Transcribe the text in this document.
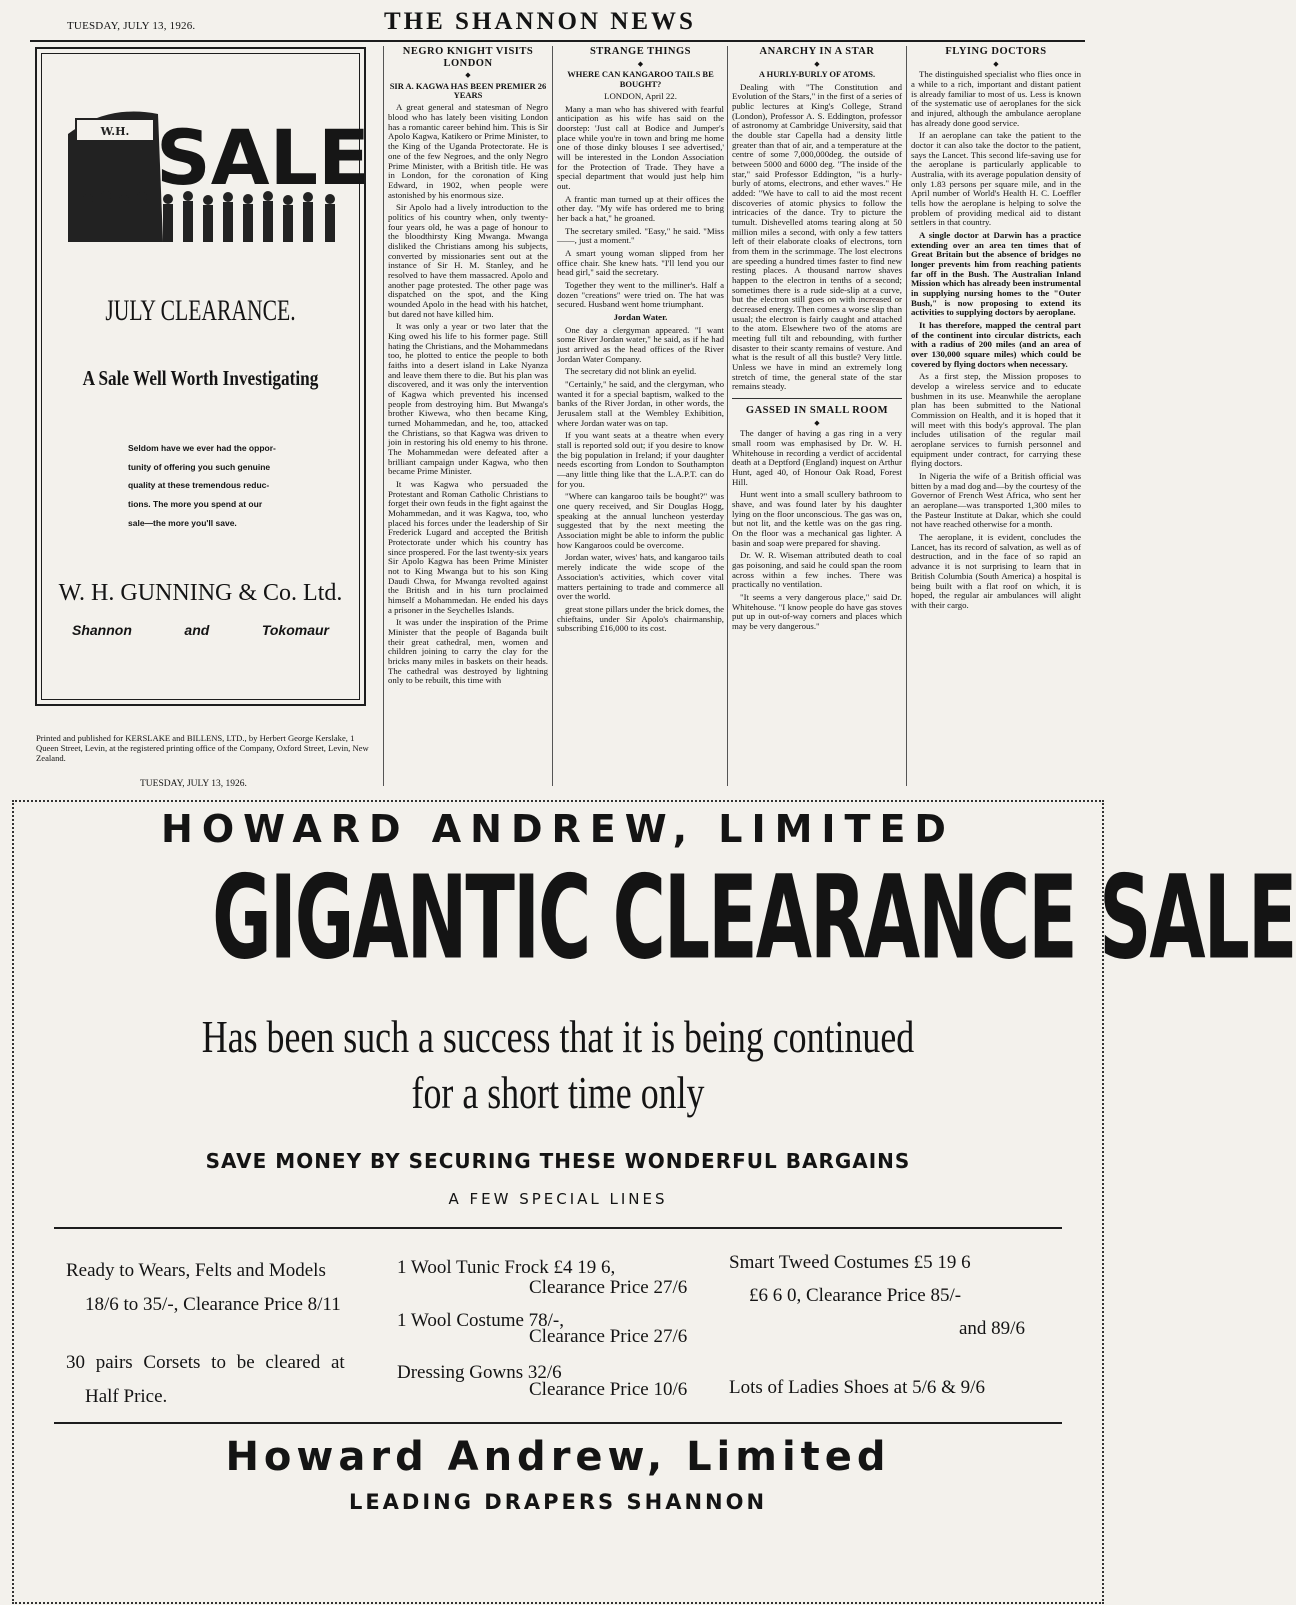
TUESDAY, JULY 13, 1926.	THE SHANNON NEWS
W.H. SALE
JULY CLEARANCE.
A Sale Well Worth Investigating
Seldom have we ever had the oppor-
tunity of offering you such genuine
quality at these tremendous reduc-
tions. The more you spend at our
sale—the more you'll save.
W. H. GUNNING & Co. Ltd.
Shannon	and	Tokomaur
Printed and published for KERSLAKE and BILLENS, LTD., by Herbert George Kerslake, 1 Queen Street, Levin, at the registered printing office of the Company, Oxford Street, Levin, New Zealand.
TUESDAY, JULY 13, 1926.

NEGRO KNIGHT VISITS LONDON

◆

SIR A. KAGWA HAS BEEN PREMIER 26 YEARS

A great general and statesman of Negro blood who has lately been visiting London has a romantic career behind him. This is Sir Apolo Kagwa, Katikero or Prime Minister, to the King of the Uganda Protectorate. He is one of the few Negroes, and the only Negro Prime Minister, with a British title. He was in London, for the coronation of King Edward, in 1902, when people were astonished by his enormous size.

Sir Apolo had a lively introduction to the politics of his country when, only twenty-four years old, he was a page of honour to the bloodthirsty King Mwanga. Mwanga disliked the Christians among his subjects, converted by missionaries sent out at the instance of Sir H. M. Stanley, and he resolved to have them massacred. Apolo and another page protested. The other page was dispatched on the spot, and the King wounded Apolo in the head with his hatchet, but dared not have killed him.

It was only a year or two later that the King owed his life to his former page. Still hating the Christians, and the Mohammedans too, he plotted to entice the people to both faiths into a desert island in Lake Nyanza and leave them there to die. But his plan was discovered, and it was only the intervention of Kagwa which prevented his incensed people from destroying him. But Mwanga's brother Kiwewa, who then became King, turned Mohammedan, and he, too, attacked the Christians, so that Kagwa was driven to join in restoring his old enemy to his throne. The Mohammedan were defeated after a brilliant campaign under Kagwa, who then became Prime Minister.

It was Kagwa who persuaded the Protestant and Roman Catholic Christians to forget their own feuds in the fight against the Mohammedan, and it was Kagwa, too, who placed his forces under the leadership of Sir Frederick Lugard and accepted the British Protectorate under which his country has since prospered. For the last twenty-six years Sir Apolo Kagwa has been Prime Minister not to King Mwanga but to his son King Daudi Chwa, for Mwanga revolted against the British and in his turn proclaimed himself a Mohammedan. He ended his days a prisoner in the Seychelles Islands.

It was under the inspiration of the Prime Minister that the people of Baganda built their great cathedral, men, women and children joining to carry the clay for the bricks many miles in baskets on their heads. The cathedral was destroyed by lightning only to be rebuilt, this time with

STRANGE THINGS

◆

WHERE CAN KANGAROO TAILS BE BOUGHT?

LONDON, April 22.

Many a man who has shivered with fearful anticipation as his wife has said on the doorstep: 'Just call at Bodice and Jumper's place while you're in town and bring me home one of those dinky blouses I see advertised,' will be interested in the London Association for the Protection of Trade. They have a special department that would just help him out.

A frantic man turned up at their offices the other day. "My wife has ordered me to bring her back a hat," he groaned.

The secretary smiled. "Easy," he said. "Miss ——, just a moment."

A smart young woman slipped from her office chair. She knew hats. "I'll lend you our head girl," said the secretary.

Together they went to the milliner's. Half a dozen "creations" were tried on. The hat was secured. Husband went home triumphant.

Jordan Water.

One day a clergyman appeared. "I want some River Jordan water," he said, as if he had just arrived as the head offices of the River Jordan Water Company.

The secretary did not blink an eyelid.

"Certainly," he said, and the clergyman, who wanted it for a special baptism, walked to the banks of the River Jordan, in other words, the Jerusalem stall at the Wembley Exhibition, where Jordan water was on tap.

If you want seats at a theatre when every stall is reported sold out; if you desire to know the big population in Ireland; if your daughter needs escorting from London to Southampton—any little thing like that the L.A.P.T. can do for you.

"Where can kangaroo tails be bought?" was one query received, and Sir Douglas Hogg, speaking at the annual luncheon yesterday suggested that by the next meeting the Association might be able to inform the public how Kangaroos could be overcome.

Jordan water, wives' hats, and kangaroo tails merely indicate the wide scope of the Association's activities, which cover vital matters pertaining to trade and commerce all over the world.

great stone pillars under the brick domes, the chieftains, under Sir Apolo's chairmanship, subscribing £16,000 to its cost.

ANARCHY IN A STAR

◆

A HURLY-BURLY OF ATOMS.

Dealing with "The Constitution and Evolution of the Stars," in the first of a series of public lectures at King's College, Strand (London), Professor A. S. Eddington, professor of astronomy at Cambridge University, said that the double star Capella had a density little greater than that of air, and a temperature at the centre of some 7,000,000deg. the outside of between 5000 and 6000 deg. "The inside of the star," said Professor Eddington, "is a hurly-burly of atoms, electrons, and ether waves." He added: "We have to call to aid the most recent discoveries of atomic physics to follow the intricacies of the dance. Try to picture the tumult. Dishevelled atoms tearing along at 50 million miles a second, with only a few tatters left of their elaborate cloaks of electrons, torn from them in the scrimmage. The lost electrons are speeding a hundred times faster to find new resting places. A thousand narrow shaves happen to the electron in tenths of a second; sometimes there is a rude side-slip at a curve, but the electron still goes on with increased or decreased energy. Then comes a worse slip than usual; the electron is fairly caught and attached to the atom. Elsewhere two of the atoms are meeting full tilt and rebounding, with further disaster to their scanty remains of vesture. And what is the result of all this bustle? Very little. Unless we have in mind an extremely long stretch of time, the general state of the star remains steady.

GASSED IN SMALL ROOM

◆

The danger of having a gas ring in a very small room was emphasised by Dr. W. H. Whitehouse in recording a verdict of accidental death at a Deptford (England) inquest on Arthur Hunt, aged 40, of Honour Oak Road, Forest Hill.

Hunt went into a small scullery bathroom to shave, and was found later by his daughter lying on the floor unconscious. The gas was on, but not lit, and the kettle was on the gas ring. On the floor was a mechanical gas lighter. A basin and soap were prepared for shaving.

Dr. W. R. Wiseman attributed death to coal gas poisoning, and said he could span the room across within a few inches. There was practically no ventilation.

"It seems a very dangerous place," said Dr. Whitehouse. "I know people do have gas stoves put up in out-of-way corners and places which may be very dangerous."

FLYING DOCTORS

◆

The distinguished specialist who flies once in a while to a rich, important and distant patient is already familiar to most of us. Less is known of the systematic use of aeroplanes for the sick and injured, although the ambulance aeroplane has already done good service.

If an aeroplane can take the patient to the doctor it can also take the doctor to the patient, says the Lancet. This second life-saving use for the aeroplane is particularly applicable to Australia, with its average population density of only 1.83 persons per square mile, and in the April number of World's Health H. C. Loeffler tells how the aeroplane is helping to solve the problem of providing medical aid to distant settlers in that country.

A single doctor at Darwin has a practice extending over an area ten times that of Great Britain but the absence of bridges no longer prevents him from reaching patients far off in the Bush. The Australian Inland Mission which has already been instrumental in supplying nursing homes to the "Outer Bush," is now proposing to extend its activities to supplying doctors by aeroplane.

It has therefore, mapped the central part of the continent into circular districts, each with a radius of 200 miles (and an area of over 130,000 square miles) which could be covered by flying doctors when necessary.

As a first step, the Mission proposes to develop a wireless service and to educate bushmen in its use. Meanwhile the aeroplane plan has been submitted to the National Commission on Health, and it is hoped that it will meet with this body's approval. The plan includes utilisation of the regular mail aeroplane services to furnish personnel and equipment under contract, for carrying these flying doctors.

In Nigeria the wife of a British official was bitten by a mad dog and—by the courtesy of the Governor of French West Africa, who sent her an aeroplane—was transported 1,300 miles to the Pasteur Institute at Dakar, which she could not have reached otherwise for a month.

The aeroplane, it is evident, concludes the Lancet, has its record of salvation, as well as of destruction, and in the face of so rapid an advance it is not surprising to learn that in British Columbia (South America) a hospital is being built with a flat roof on which, it is hoped, the regular air ambulances will alight with their cargo.

HOWARD ANDREW, LIMITED
GIGANTIC CLEARANCE SALE
Has been such a success that it is being continued
for a short time only
SAVE MONEY BY SECURING THESE WONDERFUL BARGAINS
A FEW SPECIAL LINES
Ready to Wears, Felts and Models
18/6 to 35/-, Clearance Price 8/11
30 pairs Corsets to be cleared at
Half Price.
1 Wool Tunic Frock £4 19 6,
Clearance Price 27/6
1 Wool Costume 78/-,
Clearance Price 27/6
Dressing Gowns 32/6
Clearance Price 10/6
Smart Tweed Costumes £5 19 6
£6 6 0, Clearance Price 85/-
and 89/6
Lots of Ladies Shoes at 5/6 & 9/6
Howard Andrew, Limited
LEADING DRAPERS SHANNON
